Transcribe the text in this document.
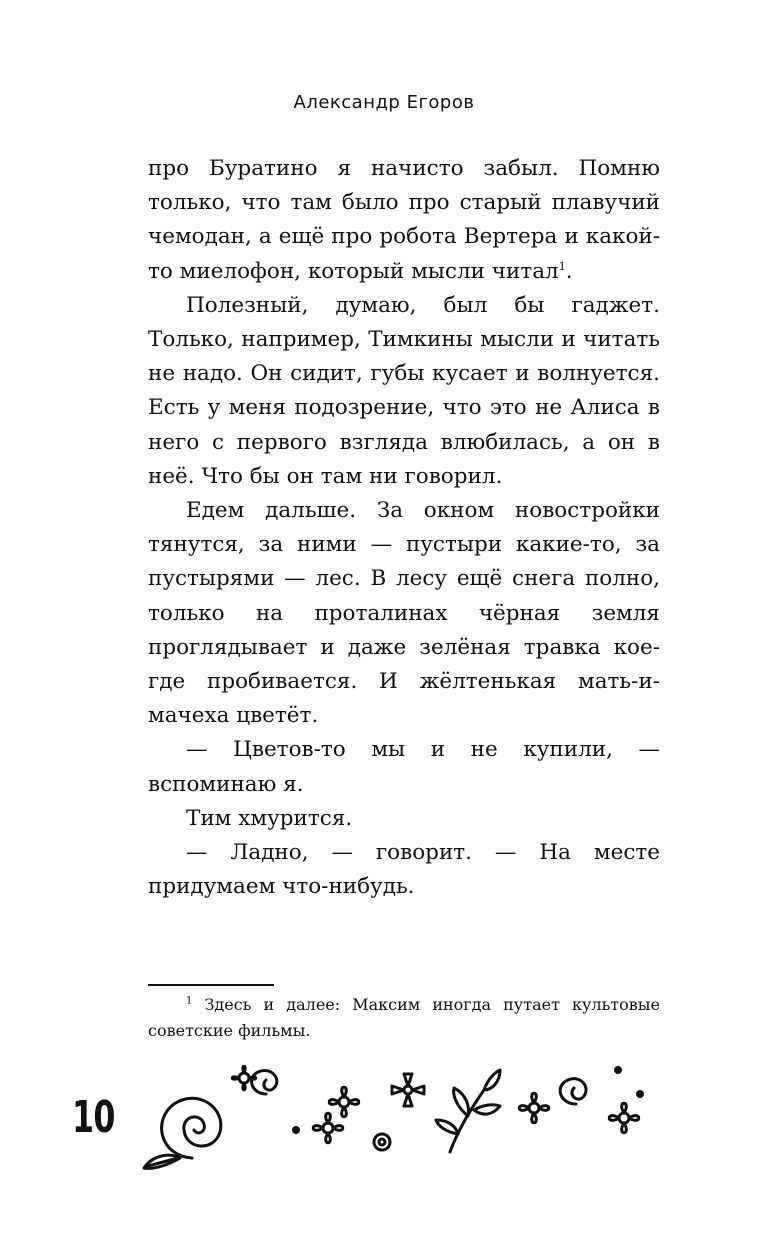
Александр Егоров

про Буратино я начисто забыл. Помню только, что там было про старый плавучий чемодан, а ещё про робота Вертера и какой-то миелофон, который мысли читал$^1$.

Полезный, думаю, был бы гаджет. Только, например, Тимкины мысли и читать не надо. Он сидит, губы кусает и волнуется. Есть у меня подозрение, что это не Алиса в него с первого взгляда влюбилась, а он в неё. Что бы он там ни говорил.

Едем дальше. За окном новостройки тянутся, за ними — пустыри какие-то, за пустырями — лес. В лесу ещё снега полно, только на проталинах чёрная земля проглядывает и даже зелёная травка кое-где пробивается. И жёлтенькая мать-и-мачеха цветёт.

— Цветов-то мы и не купили, — вспоминаю я.

Тим хмурится.

— Ладно, — говорит. — На месте придумаем что-нибудь.

$^1$ Здесь и далее: Максим иногда путает культовые советские фильмы.

10
